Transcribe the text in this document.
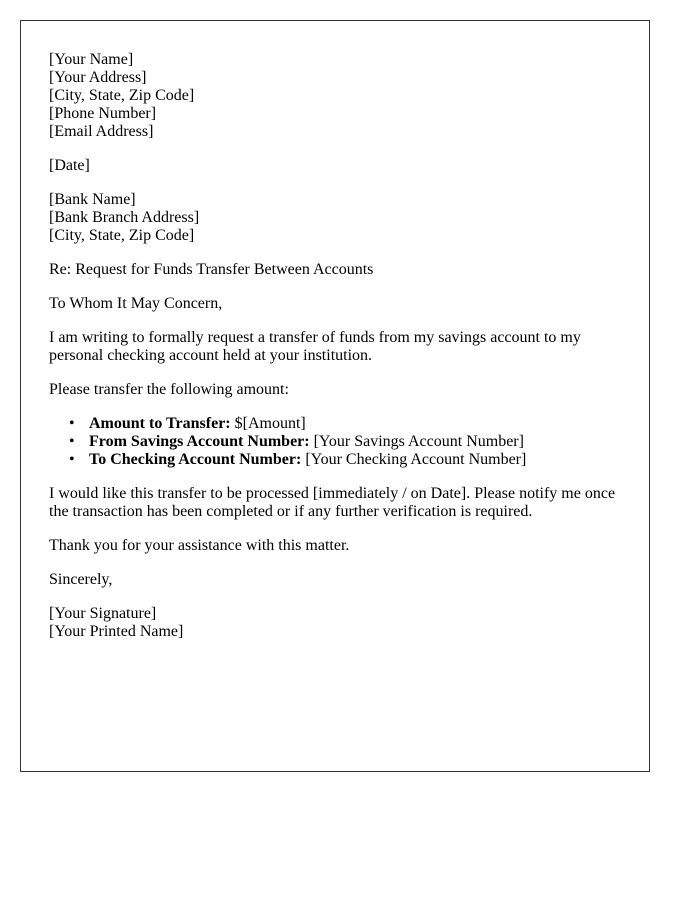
[Your Name]
[Your Address]
[City, State, Zip Code]
[Phone Number]
[Email Address]
[Date]
[Bank Name]
[Bank Branch Address]
[City, State, Zip Code]

Re: Request for Funds Transfer Between Accounts

To Whom It May Concern,

I am writing to formally request a transfer of funds from my savings account to my
personal checking account held at your institution.

Please transfer the following amount:

• Amount to Transfer: $[Amount]
• From Savings Account Number: [Your Savings Account Number]
• To Checking Account Number: [Your Checking Account Number]

I would like this transfer to be processed [immediately / on Date]. Please notify me once
the transaction has been completed or if any further verification is required.

Thank you for your assistance with this matter.

Sincerely,

[Your Signature]
[Your Printed Name]
